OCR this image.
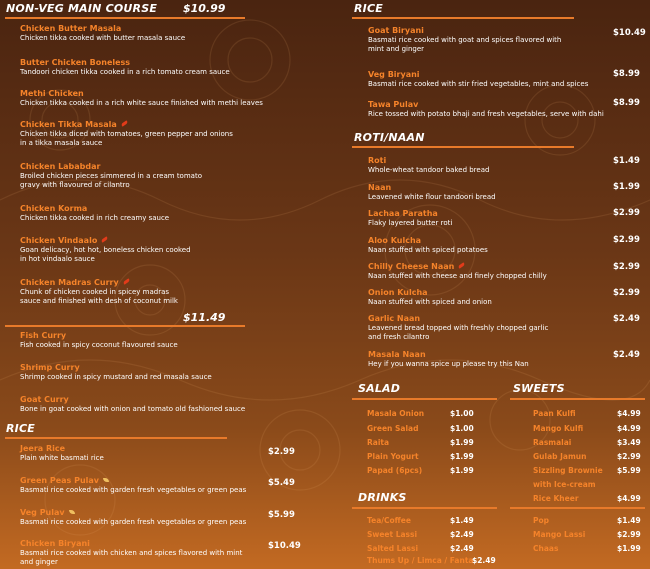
NON-VEG MAIN COURSE $10.99
Chicken Butter Masala
Chicken tikka cooked with butter masala sauce
Butter Chicken Boneless
Tandoori chicken tikka cooked in a rich tomato cream sauce
Methi Chicken
Chicken tikka cooked in a rich white sauce finished with methi leaves
Chicken Tikka Masala
Chicken tikka diced with tomatoes, green pepper and onions
in a tikka masala sauce
Chicken Lababdar
Broiled chicken pieces simmered in a cream tomato
gravy with flavoured of cilantro
Chicken Korma
Chicken tikka cooked in rich creamy sauce
Chicken Vindaalo
Goan delicacy, hot hot, boneless chicken cooked
in hot vindaalo sauce
Chicken Madras Curry
Chunk of chicken cooked in spicey madras
sauce and finished with desh of coconut milk
$11.49
Fish Curry
Fish cooked in spicy coconut flavoured sauce
Shrimp Curry
Shrimp cooked in spicy mustard and red masala sauce
Goat Curry
Bone in goat cooked with onion and tomato old fashioned sauce
RICE
Jeera Rice
Plain white basmati rice
$2.99
Green Peas Pulav
Basmati rice cooked with garden fresh vegetables or green peas
$5.49
Veg Pulav
Basmati rice cooked with garden fresh vegetables or green peas
$5.99
Chicken Biryani
Basmati rice cooked with chicken and spices flavored with mint
and ginger
$10.49
RICE
Goat Biryani
Basmati rice cooked with goat and spices flavored with
mint and ginger
$10.49
Veg Biryani
Basmati rice cooked with stir fried vegetables, mint and spices
$8.99
Tawa Pulav
Rice tossed with potato bhaji and fresh vegetables, serve with dahi
$8.99
ROTI/NAAN
Roti
Whole-wheat tandoor baked bread
$1.49
Naan
Leavened white flour tandoori bread
$1.99
Lachaa Paratha
Flaky layered butter roti
$2.99
Aloo Kulcha
Naan stuffed with spiced potatoes
$2.99
Chilly Cheese Naan
Naan stuffed with cheese and finely chopped chilly
$2.99
Onion Kulcha
Naan stuffed with spiced and onion
$2.99
Garlic Naan
Leavened bread topped with freshly chopped garlic
and fresh cilantro
$2.49
Masala Naan
Hey if you wanna spice up please try this Nan
$2.49
SALAD
Masala Onion	$1.00
Green Salad	$1.00
Raita	$1.99
Plain Yogurt	$1.99
Papad (6pcs)	$1.99
SWEETS
Paan Kulfi	$4.99
Mango Kulfi	$4.99
Rasmalai	$3.49
Gulab Jamun	$2.99
Sizzling Brownie $5.99
with Ice-cream
Rice Kheer	$4.99
DRINKS
Tea/Coffee	$1.49
Sweet Lassi	$2.49
Salted Lassi	$2.49
Thums Up / Limca / Fanta
$2.49
Pop	$1.49
Mango Lassi	$2.99
Chaas	$1.99
